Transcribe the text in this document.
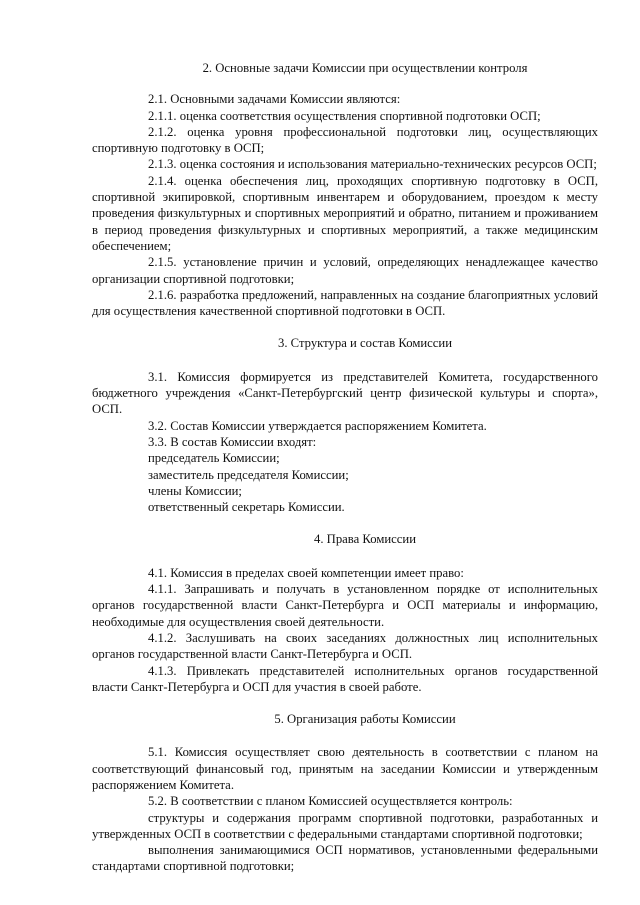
2. Основные задачи Комиссии при осуществлении контроля

2.1. Основными задачами Комиссии являются:

2.1.1. оценка соответствия осуществления спортивной подготовки ОСП;

2.1.2. оценка уровня профессиональной подготовки лиц, осуществляющих спортивную подготовку в ОСП;

2.1.3. оценка состояния и использования материально-технических ресурсов ОСП;

2.1.4. оценка обеспечения лиц, проходящих спортивную подготовку в ОСП, спортивной экипировкой, спортивным инвентарем и оборудованием, проездом к месту проведения физкультурных и спортивных мероприятий и обратно, питанием и проживанием в период проведения физкультурных и спортивных мероприятий, а также медицинским обеспечением;

2.1.5. установление причин и условий, определяющих ненадлежащее качество организации спортивной подготовки;

2.1.6. разработка предложений, направленных на создание благоприятных условий для осуществления качественной спортивной подготовки в ОСП.

3. Структура и состав Комиссии

3.1. Комиссия формируется из представителей Комитета, государственного бюджетного учреждения «Санкт-Петербургский центр физической культуры и спорта», ОСП.

3.2. Состав Комиссии утверждается распоряжением Комитета.

3.3. В состав Комиссии входят:

председатель Комиссии;

заместитель председателя Комиссии;

члены Комиссии;

ответственный секретарь Комиссии.

4. Права Комиссии

4.1. Комиссия в пределах своей компетенции имеет право:

4.1.1. Запрашивать и получать в установленном порядке от исполнительных органов государственной власти Санкт-Петербурга и ОСП материалы и информацию, необходимые для осуществления своей деятельности.

4.1.2. Заслушивать на своих заседаниях должностных лиц исполнительных органов государственной власти Санкт-Петербурга и ОСП.

4.1.3. Привлекать представителей исполнительных органов государственной власти Санкт-Петербурга и ОСП для участия в своей работе.

5. Организация работы Комиссии

5.1. Комиссия осуществляет свою деятельность в соответствии с планом на соответствующий финансовый год, принятым на заседании Комиссии и утвержденным распоряжением Комитета.

5.2. В соответствии с планом Комиссией осуществляется контроль:

структуры и содержания программ спортивной подготовки, разработанных и утвержденных ОСП в соответствии с федеральными стандартами спортивной подготовки;

выполнения занимающимися ОСП нормативов, установленными федеральными стандартами спортивной подготовки;
